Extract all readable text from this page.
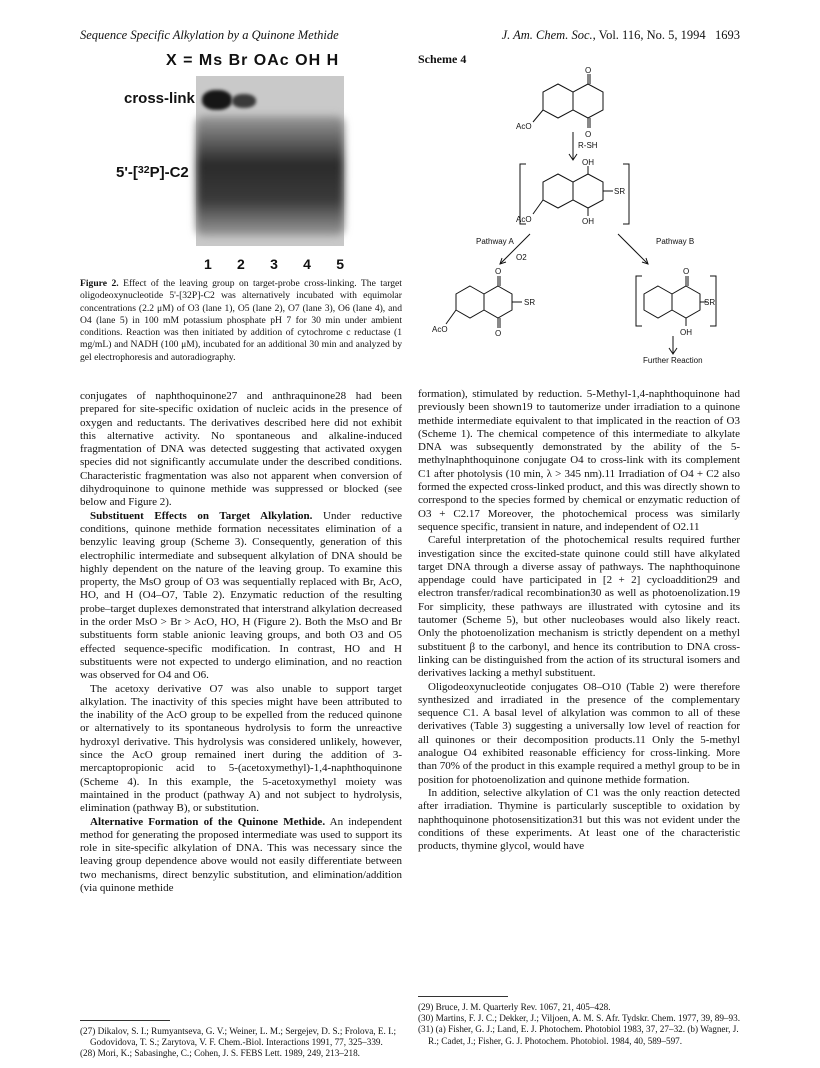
Sequence Specific Alkylation by a Quinone Methide	J. Am. Chem. Soc., Vol. 116, No. 5, 1994 1693
X = Ms Br OAc OH H
cross-link
5'-[$^{32}$P]-C2
1 2 3 4 5
Figure 2. Effect of the leaving group on target-probe cross-linking. The target oligodeoxynucleotide 5'-[32P]-C2 was alternatively incubated with equimolar concentrations (2.2 μM) of O3 (lane 1), O5 (lane 2), O7 (lane 3), O6 (lane 4), and O4 (lane 5) in 100 mM potassium phosphate pH 7 for 30 min under ambient conditions. Reaction was then initiated by addition of cytochrome c reductase (1 mg/mL) and NADH (100 μM), incubated for an additional 30 min and analyzed by gel electrophoresis and autoradiography.
Scheme 4
O
O
AcO
R-SH
OH
OH
SR
AcO
Pathway A
O2
Pathway B
O
O
SR
AcO
O
OH
SR
Further Reaction

conjugates of naphthoquinone27 and anthraquinone28 had been prepared for site-specific oxidation of nucleic acids in the presence of oxygen and reductants. The derivatives described here did not exhibit this alternative activity. No spontaneous and alkaline-induced fragmentation of DNA was detected suggesting that activated oxygen species did not significantly accumulate under the described conditions. Characteristic fragmentation was also not apparent when conversion of dihydroquinone to quinone methide was suppressed or blocked (see below and Figure 2).

Substituent Effects on Target Alkylation. Under reductive conditions, quinone methide formation necessitates elimination of a benzylic leaving group (Scheme 3). Consequently, generation of this electrophilic intermediate and subsequent alkylation of DNA should be highly dependent on the nature of the leaving group. To examine this property, the MsO group of O3 was sequentially replaced with Br, AcO, HO, and H (O4–O7, Table 2). Enzymatic reduction of the resulting probe–target duplexes demonstrated that interstrand alkylation decreased in the order MsO > Br > AcO, HO, H (Figure 2). Both the MsO and Br substituents form stable anionic leaving groups, and both O3 and O5 effected sequence-specific modification. In contrast, HO and H substituents were not expected to undergo elimination, and no reaction was observed for O4 and O6.

The acetoxy derivative O7 was also unable to support target alkylation. The inactivity of this species might have been attributed to the inability of the AcO group to be expelled from the reduced quinone or alternatively to its spontaneous hydrolysis to form the unreactive hydroxyl derivative. This hydrolysis was considered unlikely, however, since the AcO group remained inert during the addition of 3-mercaptopropionic acid to 5-(acetoxymethyl)-1,4-naphthoquinone (Scheme 4). In this example, the 5-acetoxymethyl moiety was maintained in the product (pathway A) and not subject to hydrolysis, elimination (pathway B), or substitution.

Alternative Formation of the Quinone Methide. An independent method for generating the proposed intermediate was used to support its role in site-specific alkylation of DNA. This was necessary since the leaving group dependence above would not easily differentiate between two mechanisms, direct benzylic substitution, and elimination/addition (via quinone methide

formation), stimulated by reduction. 5-Methyl-1,4-naphthoquinone had previously been shown19 to tautomerize under irradiation to a quinone methide intermediate equivalent to that implicated in the reaction of O3 (Scheme 1). The chemical competence of this intermediate to alkylate DNA was subsequently demonstrated by the ability of the 5-methylnaphthoquinone conjugate O4 to cross-link with its complement C1 after photolysis (10 min, λ > 345 nm).11 Irradiation of O4 + C2 also formed the expected cross-linked product, and this was directly shown to correspond to the species formed by chemical or enzymatic reduction of O3 + C2.17 Moreover, the photochemical process was similarly sequence specific, transient in nature, and independent of O2.11

Careful interpretation of the photochemical results required further investigation since the excited-state quinone could still have alkylated target DNA through a diverse assay of pathways. The naphthoquinone appendage could have participated in [2 + 2] cycloaddition29 and electron transfer/radical recombination30 as well as photoenolization.19 For simplicity, these pathways are illustrated with cytosine and its tautomer (Scheme 5), but other nucleobases would also likely react. Only the photoenolization mechanism is strictly dependent on a methyl substituent β to the carbonyl, and hence its contribution to DNA cross-linking can be distinguished from the action of its structural isomers and derivatives lacking a methyl substituent.

Oligodeoxynucleotide conjugates O8–O10 (Table 2) were therefore synthesized and irradiated in the presence of the complementary sequence C1. A basal level of alkylation was common to all of these derivatives (Table 3) suggesting a universally low level of reaction for all quinones or their decomposition products.11 Only the 5-methyl analogue O4 exhibited reasonable efficiency for cross-linking. More than 70% of the product in this example required a methyl group to be in position for photoenolization and quinone methide formation.

In addition, selective alkylation of C1 was the only reaction detected after irradiation. Thymine is particularly susceptible to oxidation by naphthoquinone photosensitization31 but this was not evident under the conditions of these experiments. At least one of the characteristic products, thymine glycol, would have

(27) Dikalov, S. I.; Rumyantseva, G. V.; Weiner, L. M.; Sergejev, D. S.; Frolova, E. I.; Godovidova, T. S.; Zarytova, V. F. Chem.-Biol. Interactions 1991, 77, 325–339.

(28) Mori, K.; Sabasinghe, C.; Cohen, J. S. FEBS Lett. 1989, 249, 213–218.

(29) Bruce, J. M. Quarterly Rev. 1067, 21, 405–428.

(30) Martins, F. J. C.; Dekker, J.; Viljoen, A. M. S. Afr. Tydskr. Chem. 1977, 39, 89–93.

(31) (a) Fisher, G. J.; Land, E. J. Photochem. Photobiol 1983, 37, 27–32. (b) Wagner, J. R.; Cadet, J.; Fisher, G. J. Photochem. Photobiol. 1984, 40, 589–597.
